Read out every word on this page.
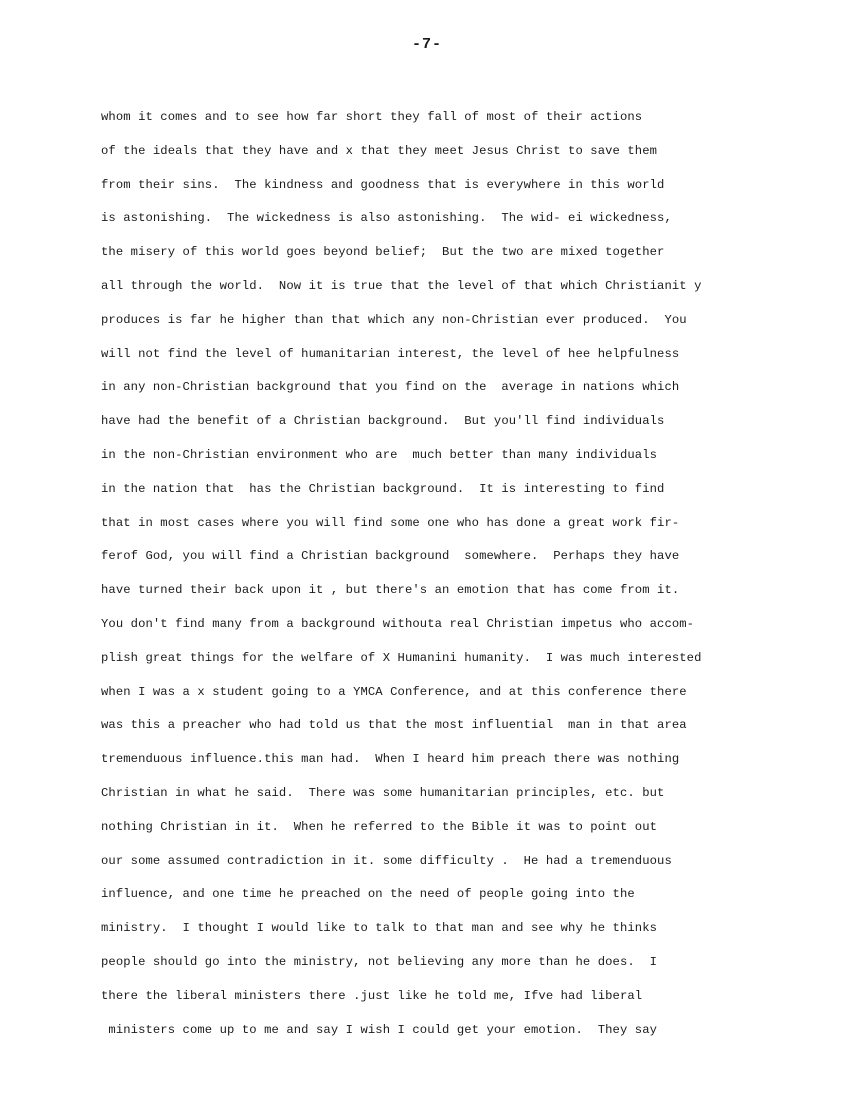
-7-
whom it comes and to see how far short they fall of most of their actions
of the ideals that they have and x that they meet Jesus Christ to save them
from their sins.  The kindness and goodness that is everywhere in this world
is astonishing.  The wickedness is also astonishing.  The wid- ei wickedness,
the misery of this world goes beyond belief;  But the two are mixed together
all through the world.  Now it is true that the level of that which Christianit y
produces is far he higher than that which any non-Christian ever produced.  You
will not find the level of humanitarian interest, the level of hee helpfulness
in any non-Christian background that you find on the  average in nations which
have had the benefit of a Christian background.  But you'll find individuals
in the non-Christian environment who are  much better than many individuals
in the nation that  has the Christian background.  It is interesting to find
that in most cases where you will find some one who has done a great work fir-
ferof God, you will find a Christian background  somewhere.  Perhaps they have
have turned their back upon it , but there's an emotion that has come from it.
You don't find many from a background withouta real Christian impetus who accom-
plish great things for the welfare of X Humanini humanity.  I was much interested
when I was a x student going to a YMCA Conference, and at this conference there
was this a preacher who had told us that the most influential  man in that area
tremenduous influence.this man had.  When I heard him preach there was nothing
Christian in what he said.  There was some humanitarian principles, etc. but
nothing Christian in it.  When he referred to the Bible it was to point out
our some assumed contradiction in it. some difficulty .  He had a tremenduous
influence, and one time he preached on the need of people going into the
ministry.  I thought I would like to talk to that man and see why he thinks
people should go into the ministry, not believing any more than he does.  I
there the liberal ministers there .just like he told me, Ifve had liberal
ministers come up to me and say I wish I could get your emotion.  They say
